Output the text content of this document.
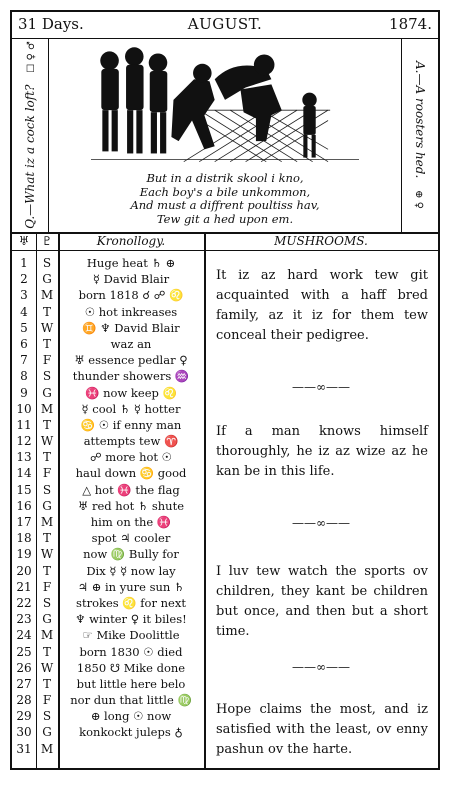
31 Days.	AUGUST.	1874.
Q.—What iz a cock loft? ☐ ♀ ♂
But in a distrik skool i kno,
Each boy's a bile unkommon,
And must a diffrent poultiss hav,
Tew git a hed upon em.
A.—A roosters hed. ⊕ ♀
♅
1
2
3
4
5
6
7
8
9
10
11
12
13
14
15
16
17
18
19
20
21
22
23
24
25
26
27
28
29
30
31
♇
S
G
M
T
W
T
F
S
G
M
T
W
T
F
S
G
M
T
W
T
F
S
G
M
T
W
T
F
S
G
M
Kronollogy.
Huge heat ♄ ⊕
☿ David Blair
born 1818 ☌ ☍ ♌
☉ hot inkreases
♊ ♆ David Blair
waz an
♅ essence pedlar ♀
thunder showers ♒
♓ now keep ♌
☿ cool ♄ ☿ hotter
♋ ☉ if enny man
attempts tew ♈
☍ more hot ☉
haul down ♋ good
△ hot ♓ the flag
♅ red hot ♄ shute
him on the ♓
spot ♃ cooler
now ♍ Bully for
Dix ☿ ☿ now lay
♃ ⊕ in yure sun ♄
strokes ♌ for next
♆ winter ♀ it biles!
☞ Mike Doolittle
born 1830 ☉ died
1850 ☋ Mike done
but little here belo
nor dun that little ♍
⊕ long ☉ now
konkockt juleps ♁
MUSHROOMS.
It iz az hard work tew git acquainted with a haff bred family, az it iz for them tew conceal their pedigree.
——∞——
If a man knows himself thoroughly, he iz az wize az he kan be in this life.
——∞——
I luv tew watch the sports ov children, they kant be children but once, and then but a short time.
——∞——
Hope claims the most, and iz satisfied with the least, ov enny pashun ov the harte.
